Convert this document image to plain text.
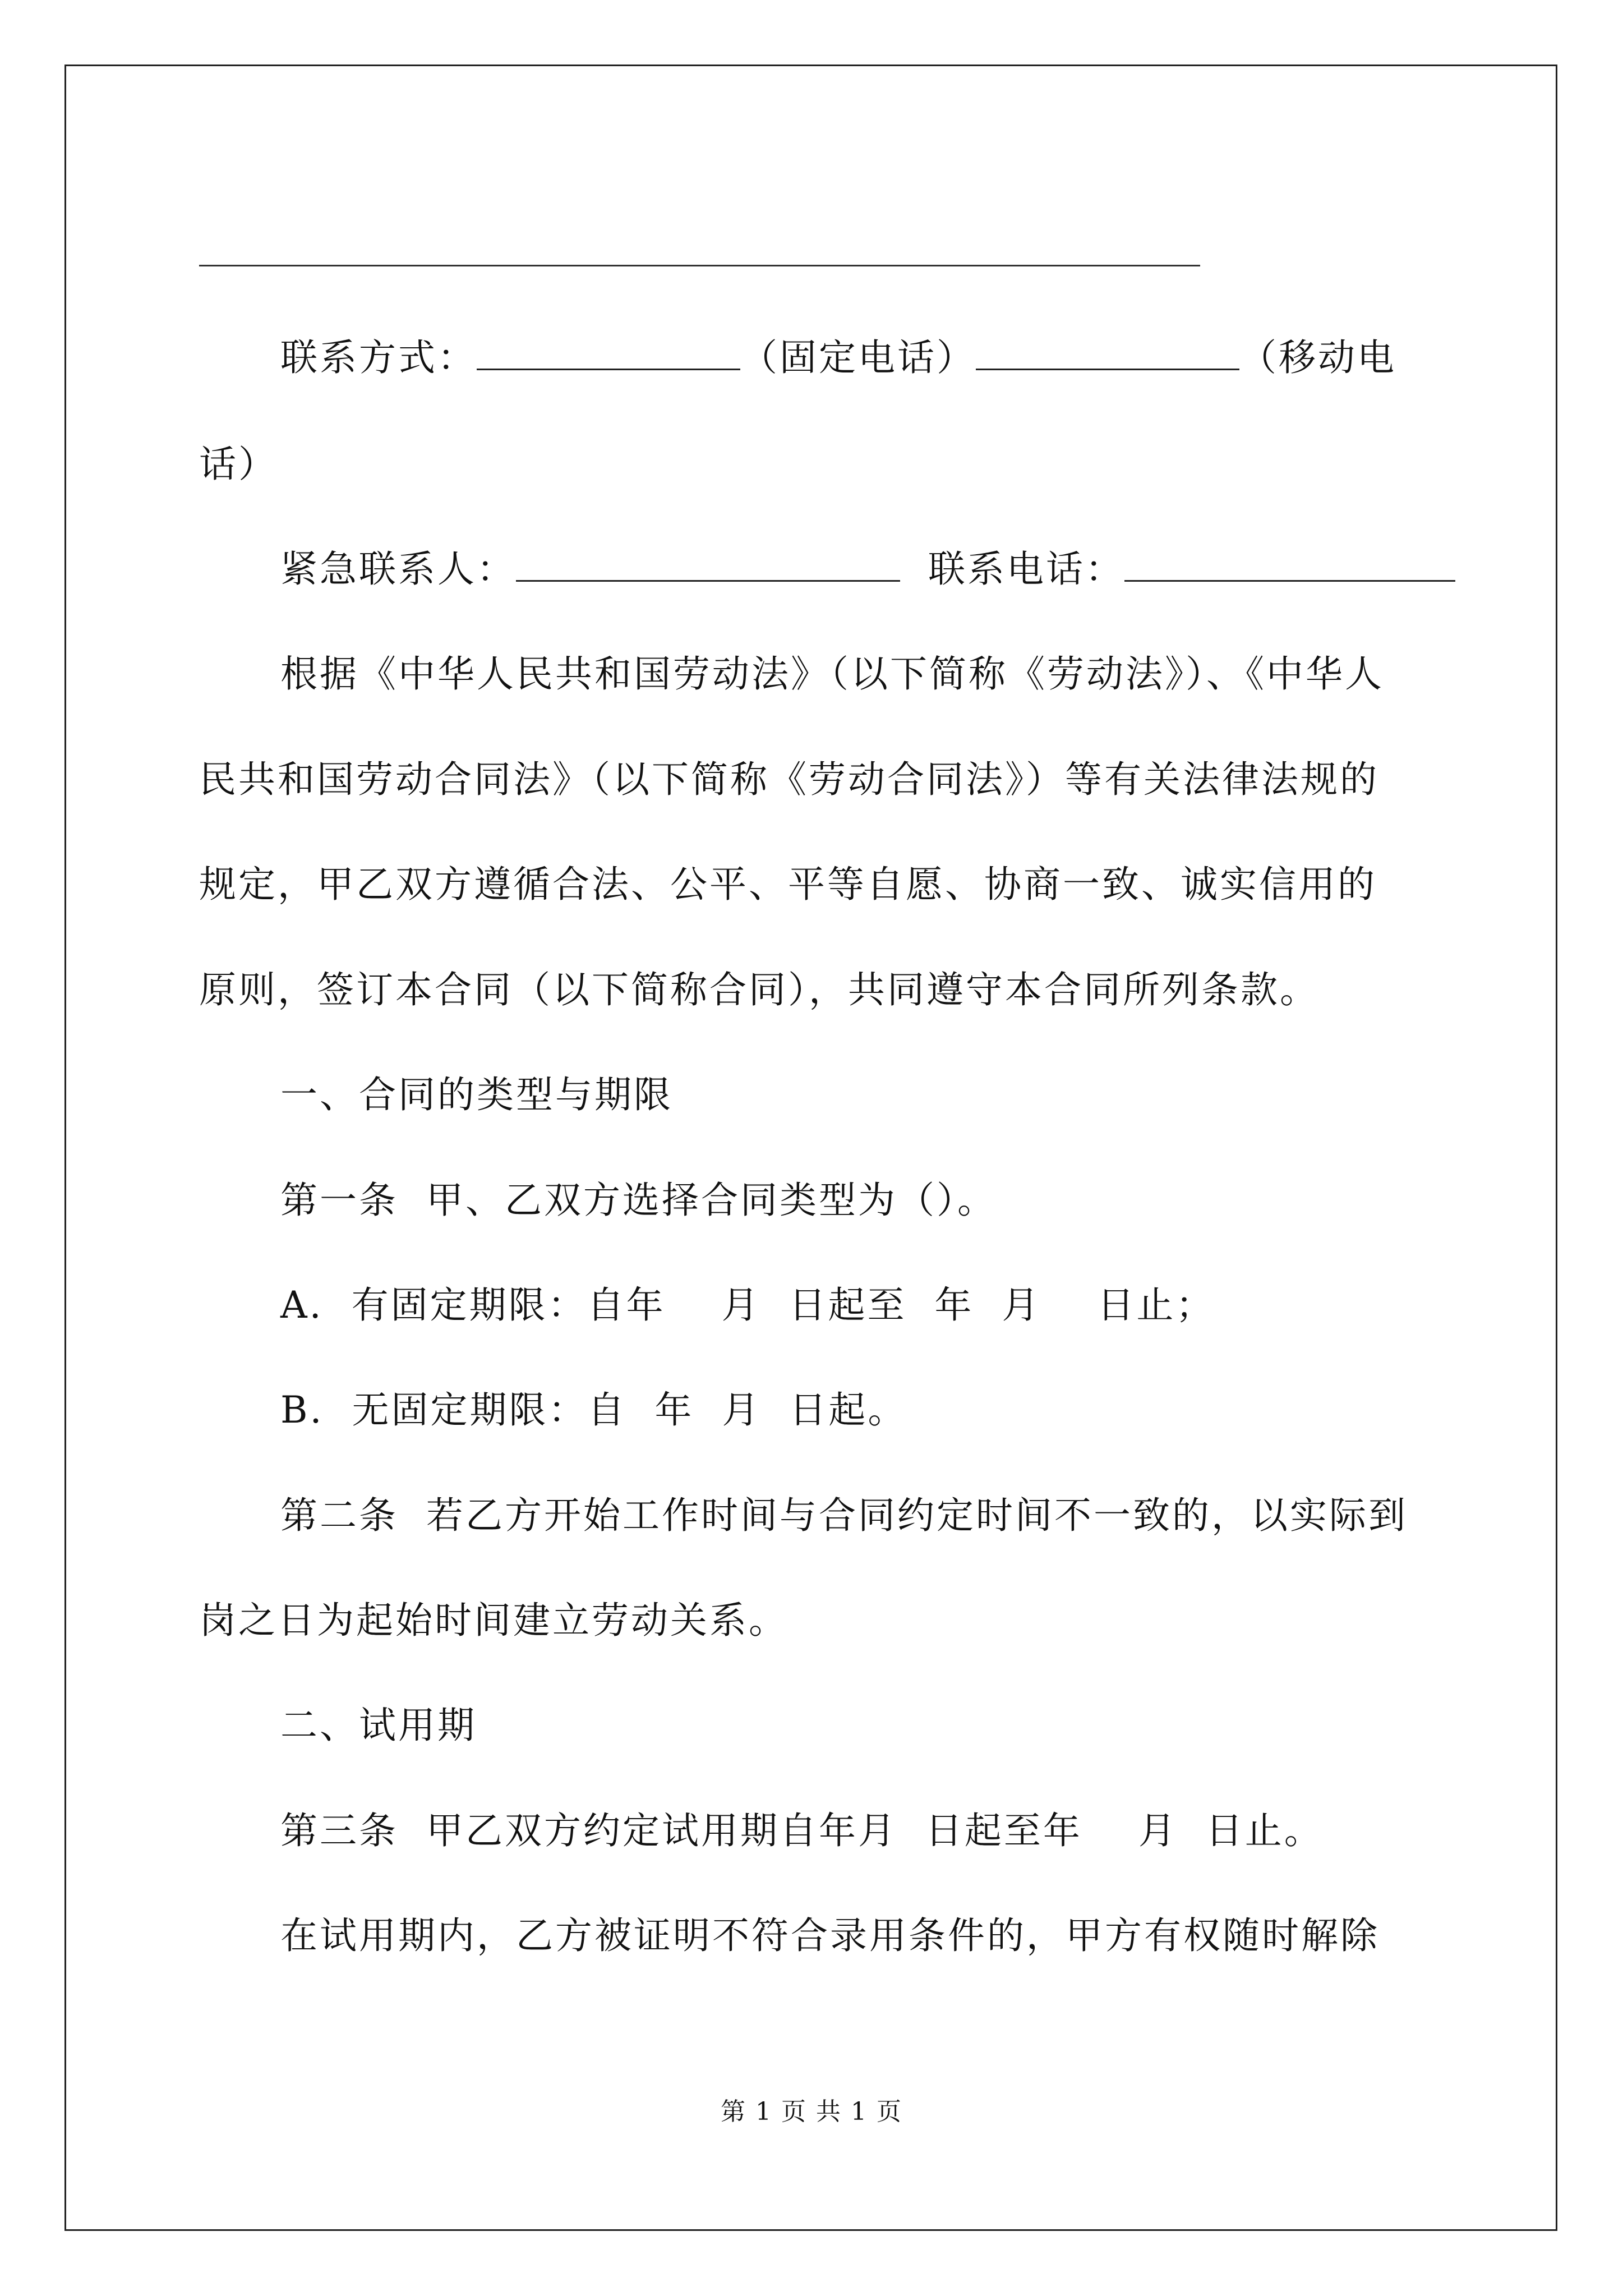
联系方式：	（固定电话）	（移动电
话）
紧急联系人：	联系电话：
根据《中华人民共和国劳动法》（以下简称《劳动法》）、《中华人
民共和国劳动合同法》（以下简称《劳动合同法》）等有关法律法规的
规定，甲乙双方遵循合法、公平、平等自愿、协商一致、诚实信用的
原则，签订本合同（以下简称合同），共同遵守本合同所列条款。
一、合同的类型与期限
第一条  甲、乙双方选择合同类型为（）。
A.  有固定期限：自年    月  日起至  年  月    日止；
B.  无固定期限：自  年  月  日起。
第二条  若乙方开始工作时间与合同约定时间不一致的，以实际到
岗之日为起始时间建立劳动关系。
二、试用期
第三条  甲乙双方约定试用期自年月  日起至年    月  日止。
在试用期内，乙方被证明不符合录用条件的，甲方有权随时解除
第 1 页 共 1 页
